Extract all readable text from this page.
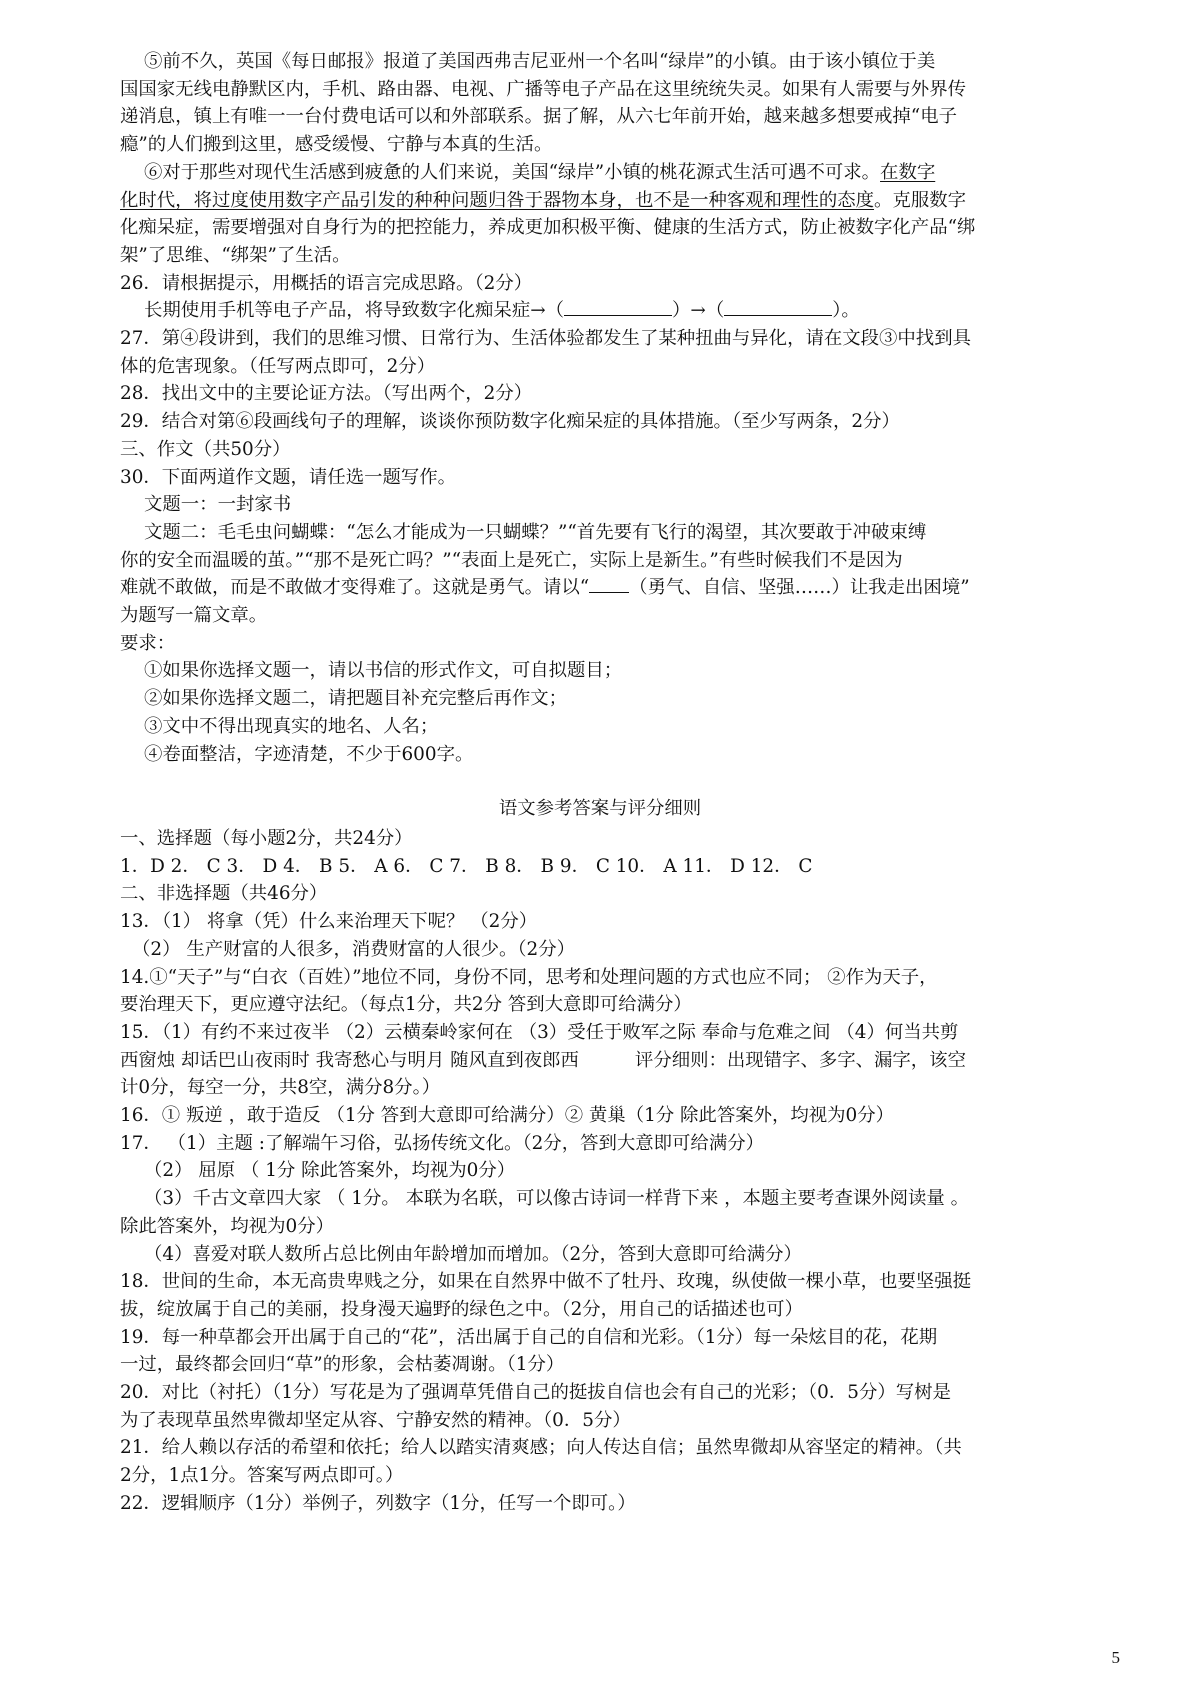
⑤前不久，英国《每日邮报》报道了美国西弗吉尼亚州一个名叫“绿岸”的小镇。由于该小镇位于美
国国家无线电静默区内，手机、路由器、电视、广播等电子产品在这里统统失灵。如果有人需要与外界传
递消息，镇上有唯一一台付费电话可以和外部联系。据了解，从六七年前开始，越来越多想要戒掉“电子
瘾”的人们搬到这里，感受缓慢、宁静与本真的生活。
⑥对于那些对现代生活感到疲惫的人们来说，美国“绿岸”小镇的桃花源式生活可遇不可求。在数字
化时代，将过度使用数字产品引发的种种问题归咎于器物本身，也不是一种客观和理性的态度。克服数字
化痴呆症，需要增强对自身行为的把控能力，养成更加积极平衡、健康的生活方式，防止被数字化产品“绑
架”了思维、“绑架”了生活。
26．请根据提示，用概括的语言完成思路。（2分）
长期使用手机等电子产品，将导致数字化痴呆症→（	）→（	）。
27．第④段讲到，我们的思维习惯、日常行为、生活体验都发生了某种扭曲与异化，请在文段③中找到具
体的危害现象。（任写两点即可，2分）
28．找出文中的主要论证方法。（写出两个，2分）
29．结合对第⑥段画线句子的理解，谈谈你预防数字化痴呆症的具体措施。（至少写两条，2分）
三、作文（共50分）
30．下面两道作文题，请任选一题写作。
文题一：一封家书
文题二：毛毛虫问蝴蝶：“怎么才能成为一只蝴蝶？”“首先要有飞行的渴望，其次要敢于冲破束缚
你的安全而温暖的茧。”“那不是死亡吗？”“表面上是死亡，实际上是新生。”有些时候我们不是因为
难就不敢做，而是不敢做才变得难了。这就是勇气。请以“ （勇气、自信、坚强……）让我走出困境”
为题写一篇文章。
要求：
①如果你选择文题一，请以书信的形式作文，可自拟题目；
②如果你选择文题二，请把题目补充完整后再作文；
③文中不得出现真实的地名、人名；
④卷面整洁，字迹清楚，不少于600字。
语文参考答案与评分细则
一、选择题（每小题2分，共24分）
1．D 2． C 3． D 4． B 5． A 6． C 7． B 8． B 9． C 10． A 11． D 12． C
二、非选择题（共46分）
13．（1） 将拿（凭）什么来治理天下呢？ （2分）
（2） 生产财富的人很多，消费财富的人很少。（2分）
14.①“天子”与“白衣（百姓）”地位不同，身份不同，思考和处理问题的方式也应不同； ②作为天子，
要治理天下，更应遵守法纪。（每点1分，共2分 答到大意即可给满分）
15．（1）有约不来过夜半 （2）云横秦岭家何在 （3）受任于败军之际 奉命与危难之间 （4）何当共剪
西窗烛 却话巴山夜雨时 我寄愁心与明月 随风直到夜郎西	评分细则：出现错字、多字、漏字，该空
计0分，每空一分，共8空，满分8分。）
16．① 叛逆 ，敢于造反 （1分 答到大意即可给满分）② 黄巢（1分 除此答案外，均视为0分）
17． （1）主题 :了解端午习俗，弘扬传统文化。（2分，答到大意即可给满分）
（2） 屈原 （ 1分 除此答案外，均视为0分）
（3）千古文章四大家 （ 1分。 本联为名联，可以像古诗词一样背下来 ，本题主要考查课外阅读量 。
除此答案外，均视为0分）
（4）喜爱对联人数所占总比例由年龄增加而增加。（2分，答到大意即可给满分）
18．世间的生命，本无高贵卑贱之分，如果在自然界中做不了牡丹、玫瑰，纵使做一棵小草，也要坚强挺
拔，绽放属于自己的美丽，投身漫天遍野的绿色之中。（2分，用自己的话描述也可）
19．每一种草都会开出属于自己的“花”，活出属于自己的自信和光彩。（1分）每一朵炫目的花，花期
一过，最终都会回归“草”的形象，会枯萎凋谢。（1分）
20．对比（衬托）（1分）写花是为了强调草凭借自己的挺拔自信也会有自己的光彩；（0．5分）写树是
为了表现草虽然卑微却坚定从容、宁静安然的精神。（0．5分）
21．给人赖以存活的希望和依托；给人以踏实清爽感；向人传达自信；虽然卑微却从容坚定的精神。（共
2分，1点1分。答案写两点即可。）
22．逻辑顺序（1分）举例子，列数字（1分，任写一个即可。）
5
